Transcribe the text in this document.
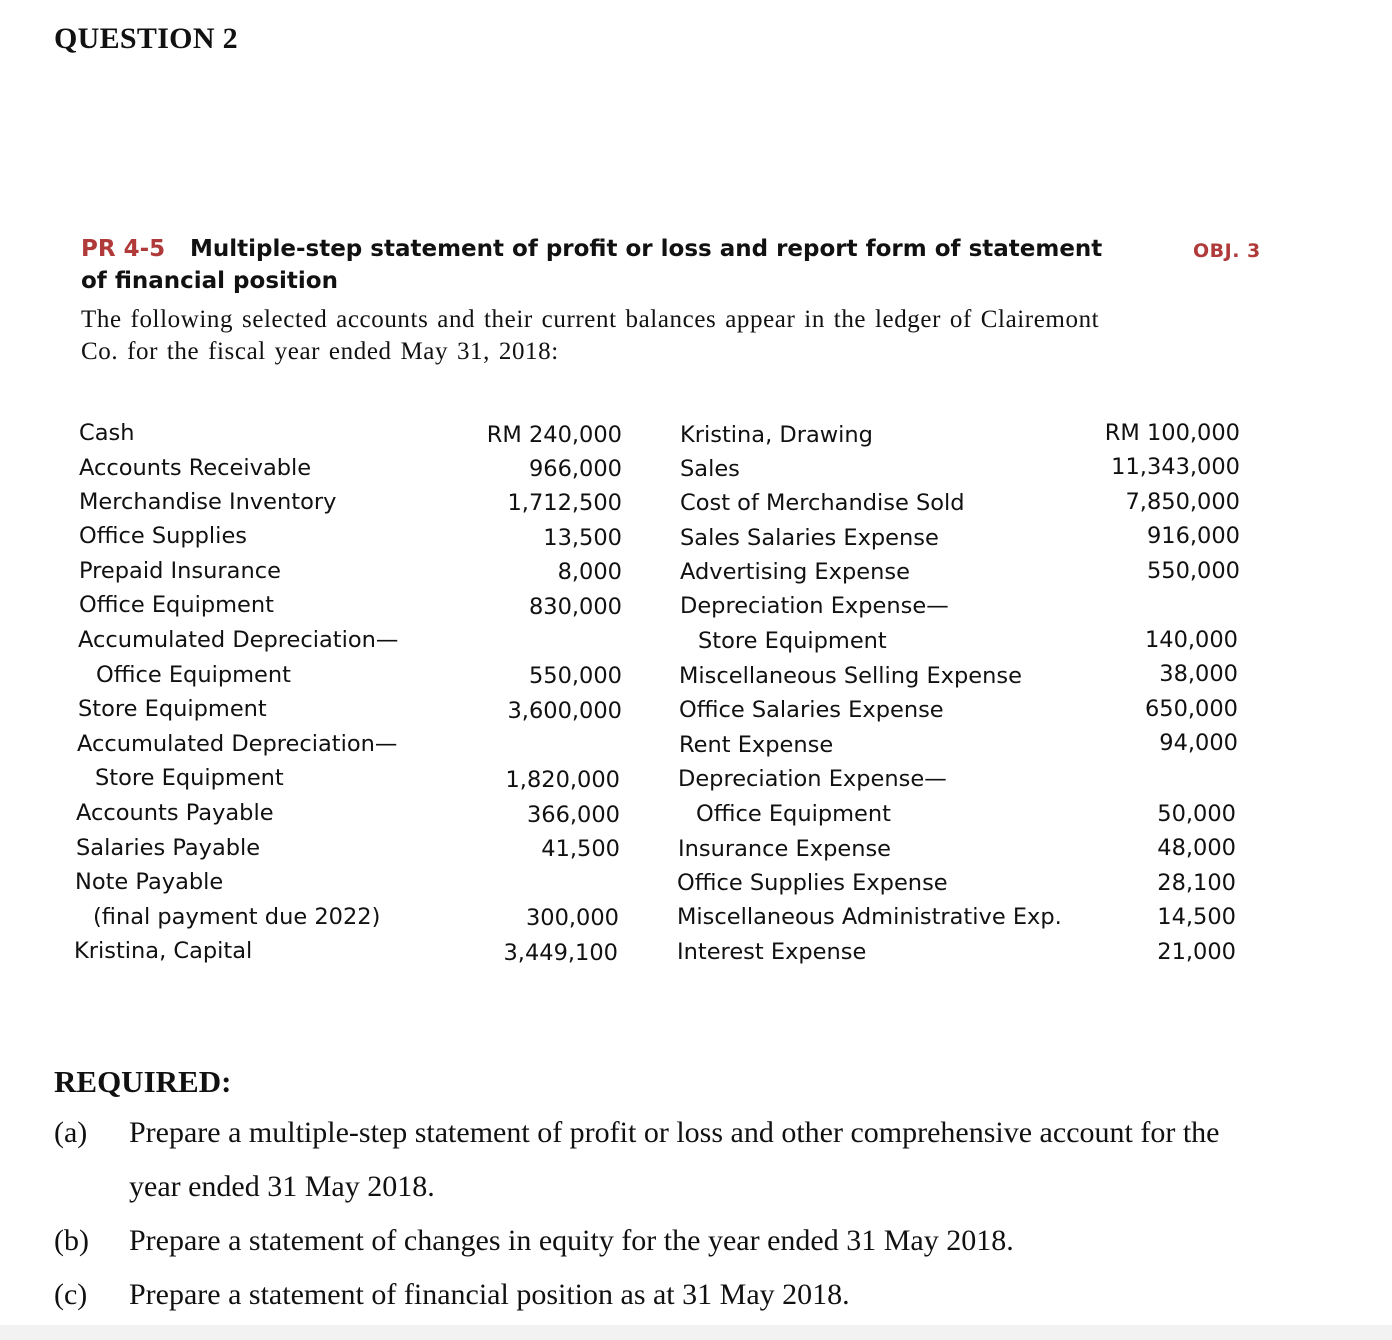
QUESTION 2
PR 4-5 Multiple-step statement of profit or loss and report form of statement
of financial position
OBJ. 3
The following selected accounts and their current balances appear in the ledger of Clairemont
Co. for the fiscal year ended May 31, 2018:
Cash	RM 240,000
Accounts Receivable	966,000
Merchandise Inventory	1,712,500
Office Supplies	13,500
Prepaid Insurance	8,000
Office Equipment	830,000
Accumulated Depreciation—
Office Equipment	550,000
Store Equipment	3,600,000
Accumulated Depreciation—
Store Equipment	1,820,000
Accounts Payable	366,000
Salaries Payable	41,500
Note Payable
(final payment due 2022)	300,000
Kristina, Capital	3,449,100
Kristina, Drawing	RM 100,000
Sales	11,343,000
Cost of Merchandise Sold	7,850,000
Sales Salaries Expense	916,000
Advertising Expense	550,000
Depreciation Expense—
Store Equipment	140,000
Miscellaneous Selling Expense	38,000
Office Salaries Expense	650,000
Rent Expense	94,000
Depreciation Expense—
Office Equipment	50,000
Insurance Expense	48,000
Office Supplies Expense	28,100
Miscellaneous Administrative Exp.	14,500
Interest Expense	21,000
REQUIRED:
(a) Prepare a multiple-step statement of profit or loss and other comprehensive account for the
year ended 31 May 2018.
(b) Prepare a statement of changes in equity for the year ended 31 May 2018.
(c) Prepare a statement of financial position as at 31 May 2018.
